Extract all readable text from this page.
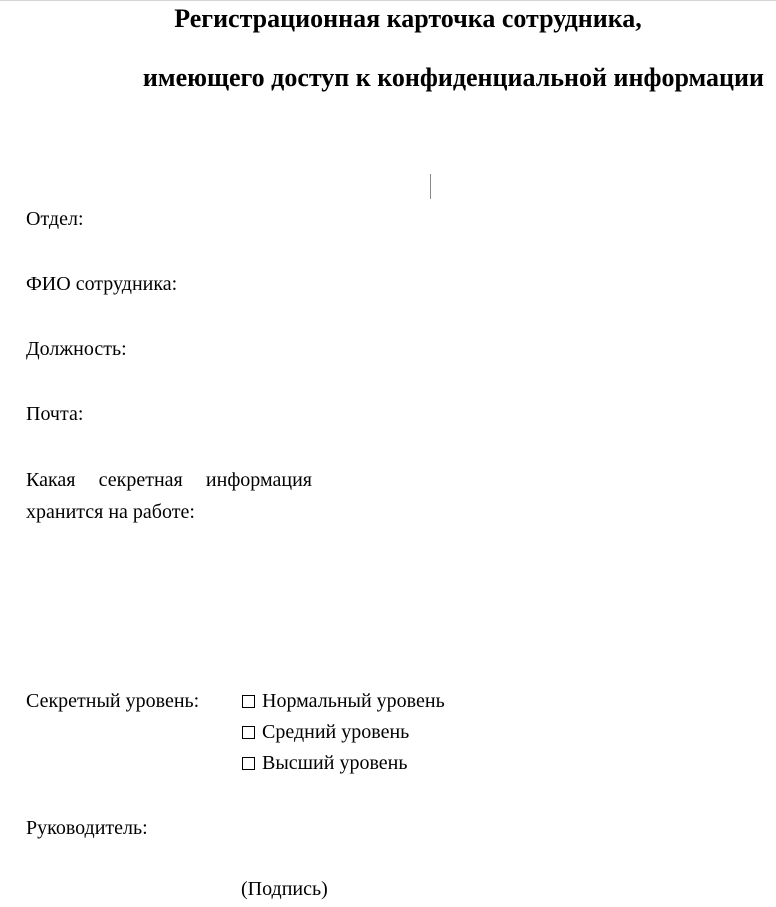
Регистрационная карточка сотрудника,
имеющего доступ к конфиденциальной информации
Отдел:
ФИО сотрудника:
Должность:
Почта:
Какая секретная информация
хранится на работе:
Секретный уровень:	Нормальный уровень
Средний уровень
Высший уровень
Руководитель:
(Подпись)
